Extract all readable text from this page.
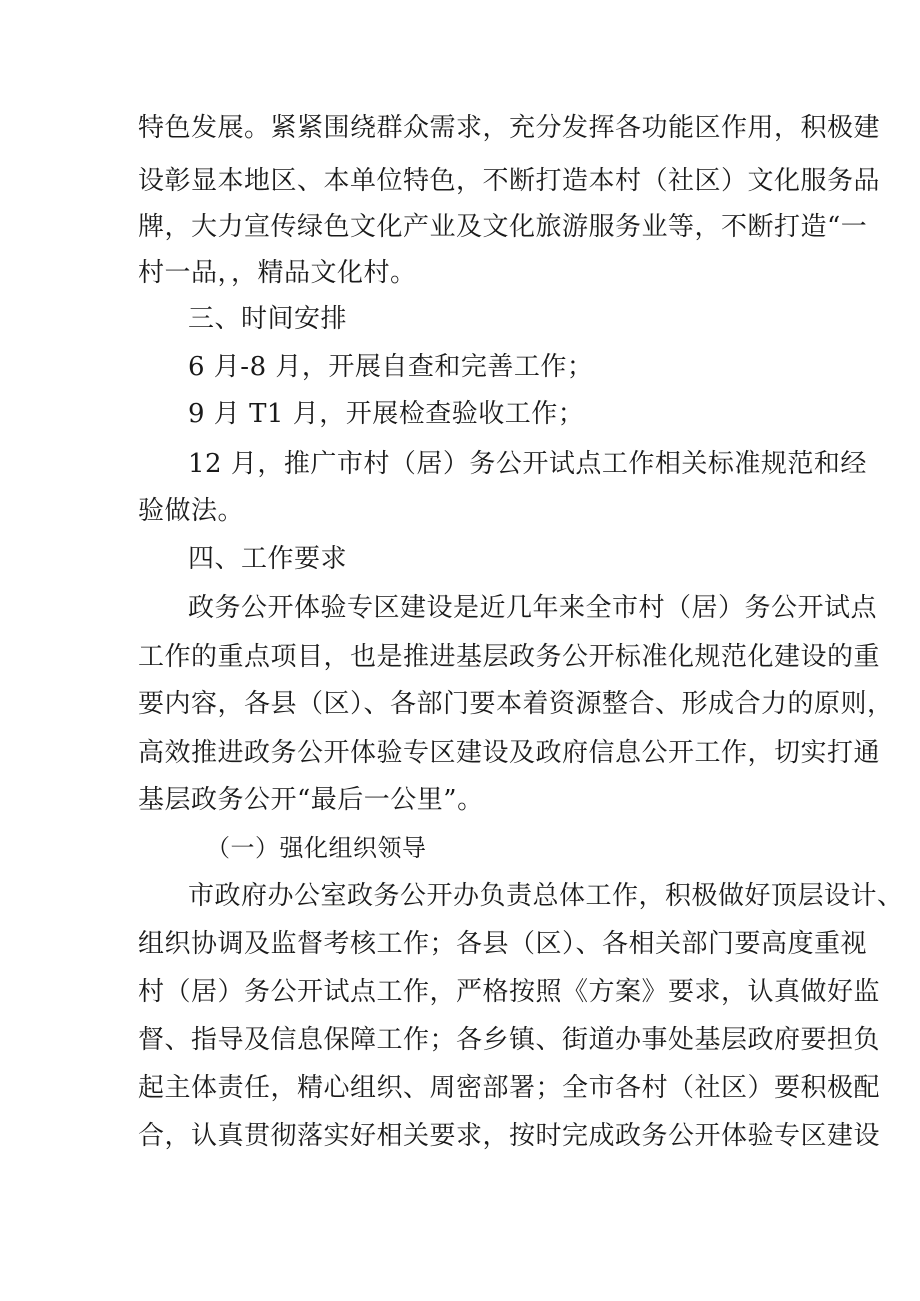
特色发展。紧紧围绕群众需求，充分发挥各功能区作用，积极建
设彰显本地区、本单位特色，不断打造本村（社区）文化服务品
牌，大力宣传绿色文化产业及文化旅游服务业等，不断打造“一
村一品，，精品文化村。
三、时间安排
6 月-8 月，开展自查和完善工作；
9 月 T1 月，开展检查验收工作；
12 月，推广市村（居）务公开试点工作相关标准规范和经
验做法。
四、工作要求
政务公开体验专区建设是近几年来全市村（居）务公开试点
工作的重点项目，也是推进基层政务公开标准化规范化建设的重
要内容，各县（区）、各部门要本着资源整合、形成合力的原则，
高效推进政务公开体验专区建设及政府信息公开工作，切实打通
基层政务公开“最后一公里”。
（一）强化组织领导
市政府办公室政务公开办负责总体工作，积极做好顶层设计、
组织协调及监督考核工作；各县（区）、各相关部门要高度重视
村（居）务公开试点工作，严格按照《方案》要求，认真做好监
督、指导及信息保障工作；各乡镇、街道办事处基层政府要担负
起主体责任，精心组织、周密部署；全市各村（社区）要积极配
合，认真贯彻落实好相关要求，按时完成政务公开体验专区建设
